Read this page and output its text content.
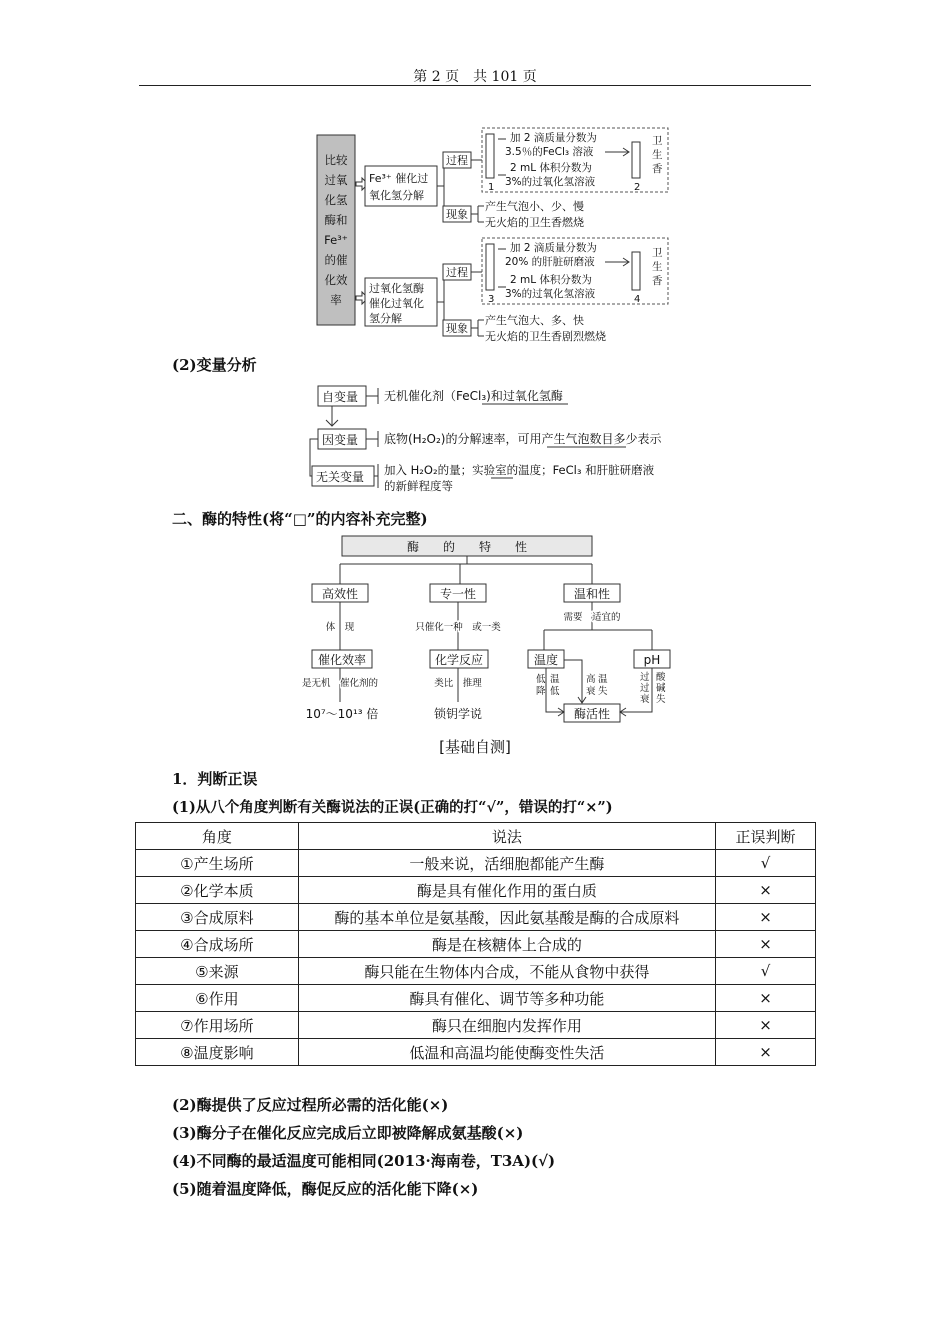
第 2 页　共 101 页
比较
过氧
化氢
酶和
Fe³⁺
的催
化效
率
Fe³⁺ 催化过
氧化氢分解
过程
现象
1
加 2 滴质量分数为
3.5％的FeCl₃ 溶液
2 mL 体积分数为
3%的过氧化氢溶液	2
卫
生
香
产生气泡小、少、慢
无火焰的卫生香燃烧
过氧化氢酶
催化过氧化
氢分解
过程
现象
3
加 2 滴质量分数为
20% 的肝脏研磨液
2 mL 体积分数为
3%的过氧化氢溶液	4
卫
生
香
产生气泡大、多、快
无火焰的卫生香剧烈燃烧
(2)变量分析
自变量
因变量
无关变量
无机催化剂（FeCl₃)和过氧化氢酶
底物(H₂O₂)的分解速率，可用产生气泡数目多少表示
加入 H₂O₂的量；实验室的温度；FeCl₃ 和肝脏研磨液
的新鲜程度等
二、酶的特性(将“□”的内容补充完整)
酶　　的　　特　　性
高效性
体　现
催化效率
是无机　催化剂的
10⁷～10¹³ 倍
专一性
只催化一种　或一类
化学反应
类比　推理
锁钥学说
温和性
需要　适宜的
温度	pH
酶活性
低
降
温
低
高
衰
温
失
过
过
衰
酸
碱
失
[基础自测]
1．判断正误
(1)从八个角度判断有关酶说法的正误(正确的打“√”，错误的打“×”)
角度	说法	正误判断
①产生场所	一般来说，活细胞都能产生酶	√
②化学本质	酶是具有催化作用的蛋白质	×
③合成原料	酶的基本单位是氨基酸，因此氨基酸是酶的合成原料	×
④合成场所	酶是在核糖体上合成的	×
⑤来源	酶只能在生物体内合成，不能从食物中获得	√
⑥作用	酶具有催化、调节等多种功能	×
⑦作用场所	酶只在细胞内发挥作用	×
⑧温度影响	低温和高温均能使酶变性失活	×
(2)酶提供了反应过程所必需的活化能(×)
(3)酶分子在催化反应完成后立即被降解成氨基酸(×)
(4)不同酶的最适温度可能相同(2013·海南卷，T3A)(√)
(5)随着温度降低，酶促反应的活化能下降(×)
